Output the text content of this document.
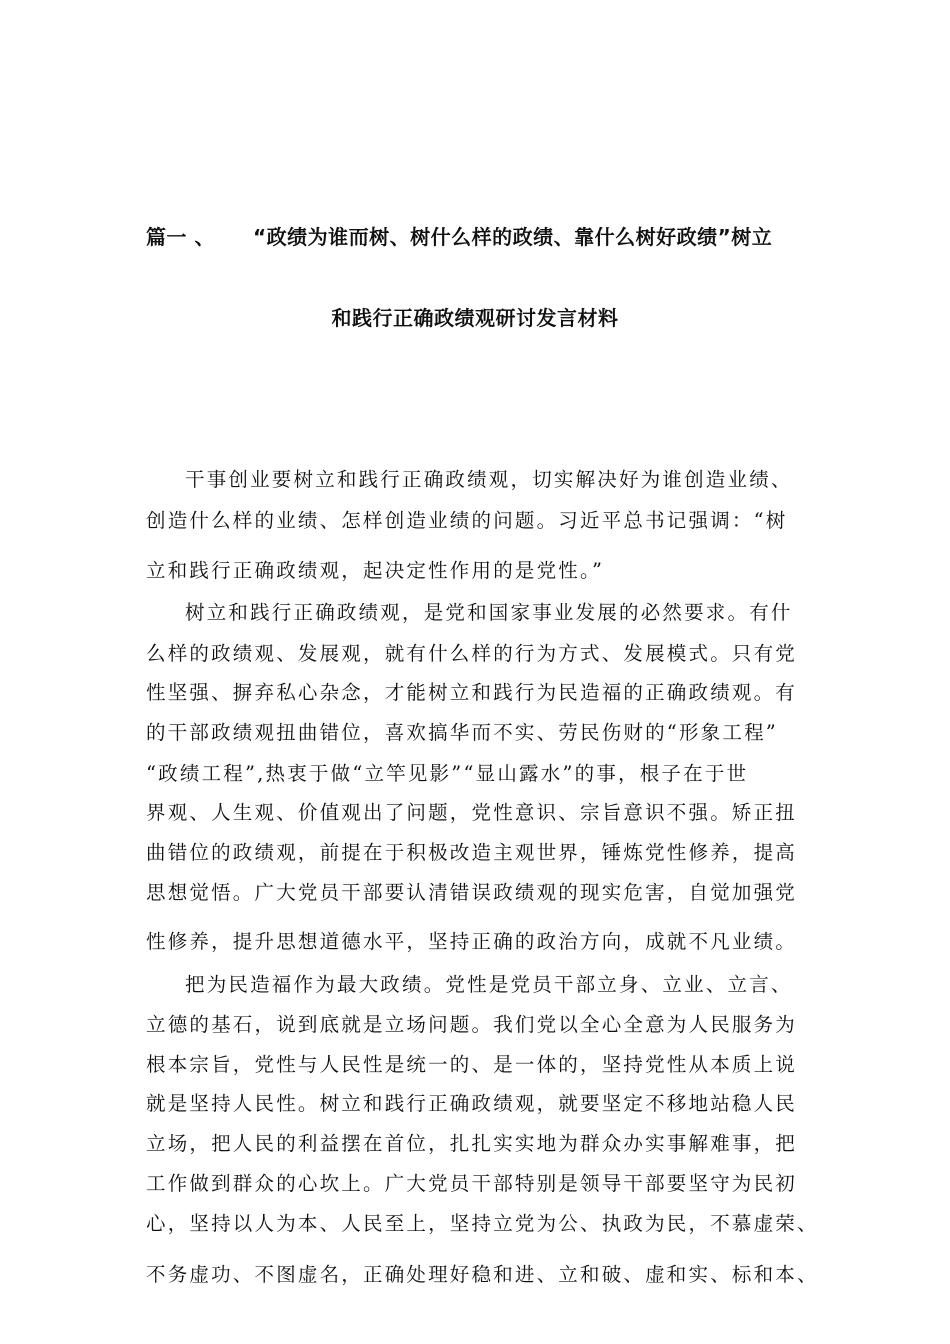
篇一 、 “政绩为谁而树、树什么样的政绩、靠什么树好政绩”树立
和践行正确政绩观研讨发言材料
干事创业要树立和践行正确政绩观，切实解决好为谁创造业绩、
创造什么样的业绩、怎样创造业绩的问题。习近平总书记强调：“树
立和践行正确政绩观，起决定性作用的是党性。”
树立和践行正确政绩观，是党和国家事业发展的必然要求。有什
么样的政绩观、发展观，就有什么样的行为方式、发展模式。只有党
性坚强、摒弃私心杂念，才能树立和践行为民造福的正确政绩观。有
的干部政绩观扭曲错位，喜欢搞华而不实、劳民伤财的“形象工程”
“政绩工程”,热衷于做“立竿见影”“显山露水”的事，根子在于世
界观、人生观、价值观出了问题，党性意识、宗旨意识不强。矫正扭
曲错位的政绩观，前提在于积极改造主观世界，锤炼党性修养，提高
思想觉悟。广大党员干部要认清错误政绩观的现实危害，自觉加强党
性修养，提升思想道德水平，坚持正确的政治方向，成就不凡业绩。
把为民造福作为最大政绩。党性是党员干部立身、立业、立言、
立德的基石，说到底就是立场问题。我们党以全心全意为人民服务为
根本宗旨，党性与人民性是统一的、是一体的，坚持党性从本质上说
就是坚持人民性。树立和践行正确政绩观，就要坚定不移地站稳人民
立场，把人民的利益摆在首位，扎扎实实地为群众办实事解难事，把
工作做到群众的心坎上。广大党员干部特别是领导干部要坚守为民初
心，坚持以人为本、人民至上，坚持立党为公、执政为民，不慕虚荣、
不务虚功、不图虚名，正确处理好稳和进、立和破、虚和实、标和本、
